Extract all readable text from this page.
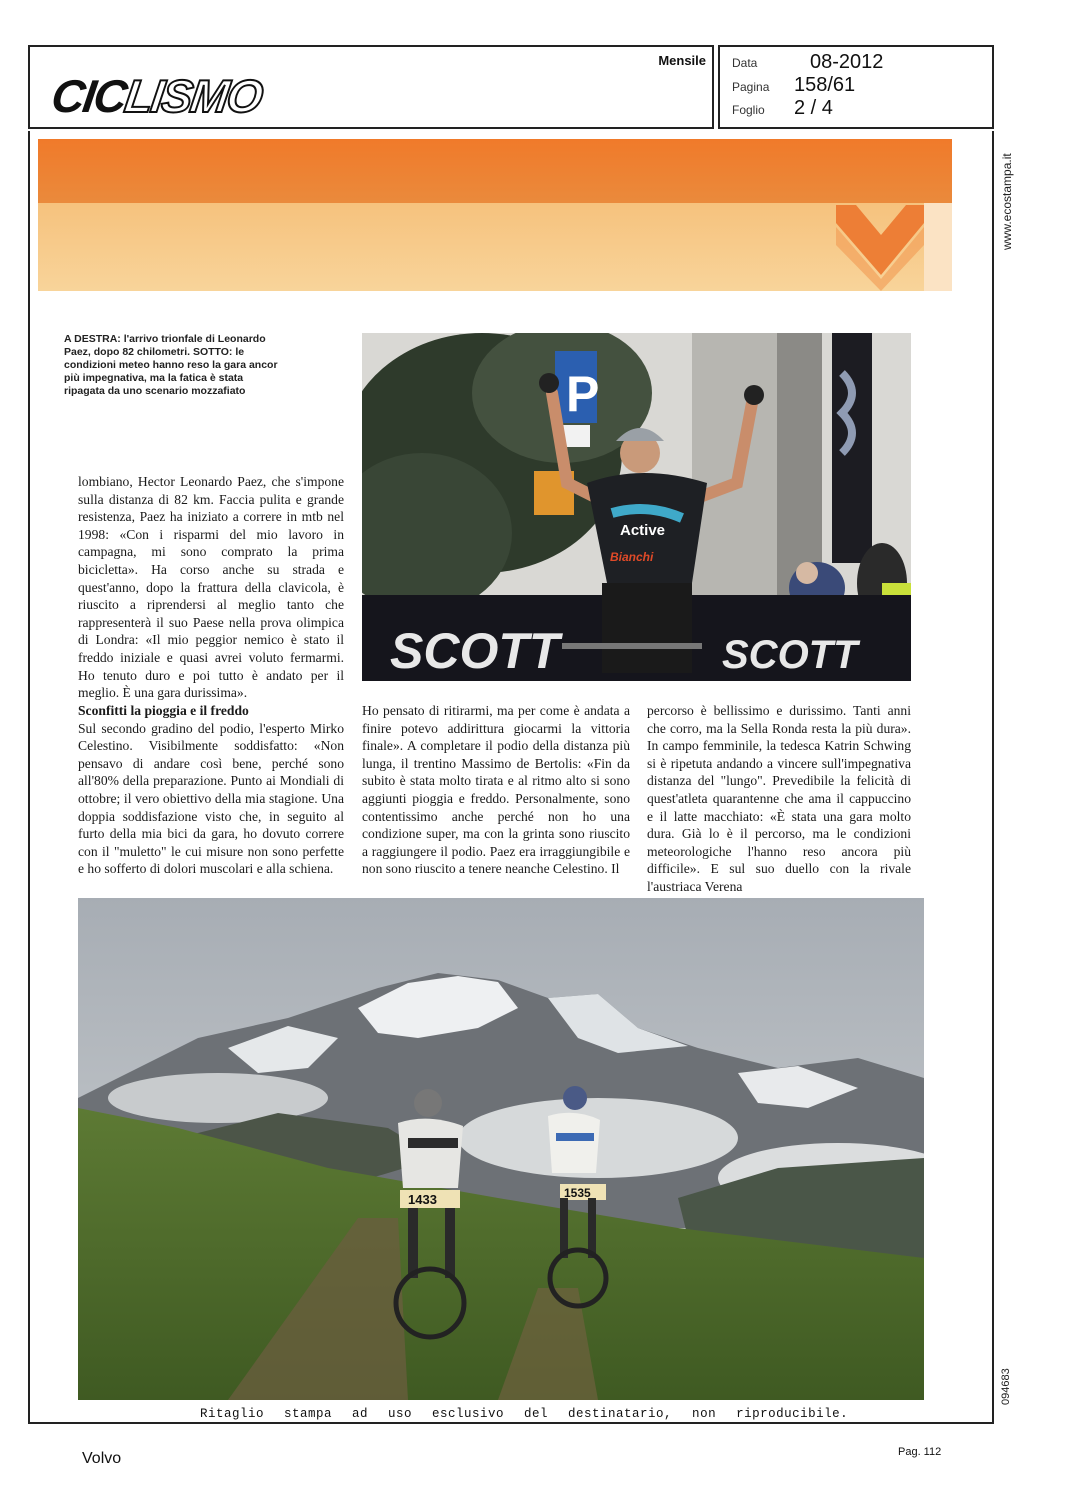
CICLISMO
Mensile Data	08-2012
Pagina 158/61
Foglio 2 / 4
www.ecostampa.it
094683
A DESTRA: l'arrivo trionfale di Leonardo Paez, dopo 82 chilometri. SOTTO: le condizioni meteo hanno reso la gara ancor più impegnativa, ma la fatica è stata ripagata da uno scenario mozzafiato	P
SCOTT	SCOTT
Active
Bianchi

lombiano, Hector Leonardo Paez, che s'impone sulla distanza di 82 km. Faccia pulita e grande resistenza, Paez ha iniziato a correre in mtb nel 1998: «Con i risparmi del mio lavoro in campagna, mi sono comprato la prima bicicletta». Ha corso anche su strada e quest'anno, dopo la frattura della clavicola, è riuscito a riprendersi al meglio tanto che rappresenterà il suo Paese nella prova olimpica di Londra: «Il mio peggior nemico è stato il freddo iniziale e quasi avrei voluto fermarmi. Ho tenuto duro e poi tutto è andato per il meglio. È una gara durissima».

Sconfitti la pioggia e il freddo

Sul secondo gradino del podio, l'esperto Mirko Celestino. Visibilmente soddisfatto: «Non pensavo di andare così bene, perché sono all'80% della preparazione. Punto ai Mondiali di ottobre; il vero obiettivo della mia stagione. Una doppia soddisfazione visto che, in seguito al furto della mia bici da gara, ho dovuto correre con il "muletto" le cui misure non sono perfette e ho sofferto di dolori muscolari e alla schiena.

Ho pensato di ritirarmi, ma per come è andata a finire potevo addirittura giocarmi la vittoria finale». A completare il podio della distanza più lunga, il trentino Massimo de Bertolis: «Fin da subito è stata molto tirata e al ritmo alto si sono aggiunti pioggia e freddo. Personalmente, sono contentissimo anche perché non ho una condizione super, ma con la grinta sono riuscito a raggiungere il podio. Paez era irraggiungibile e non sono riuscito a tenere neanche Celestino. Il

percorso è bellissimo e durissimo. Tanti anni che corro, ma la Sella Ronda resta la più dura». In campo femminile, la tedesca Katrin Schwing si è ripetuta andando a vincere sull'impegnativa distanza del "lungo". Prevedibile la felicità di quest'atleta quarantenne che ama il cappuccino e il latte macchiato: «È stata una gara molto dura. Già lo è il percorso, ma le condizioni meteorologiche l'hanno reso ancora più difficile». E sul suo duello con la rivale l'austriaca Verena

1433	1535
Ritaglio stampa ad uso esclusivo del destinatario, non riproducibile.
Volvo	Pag. 112
